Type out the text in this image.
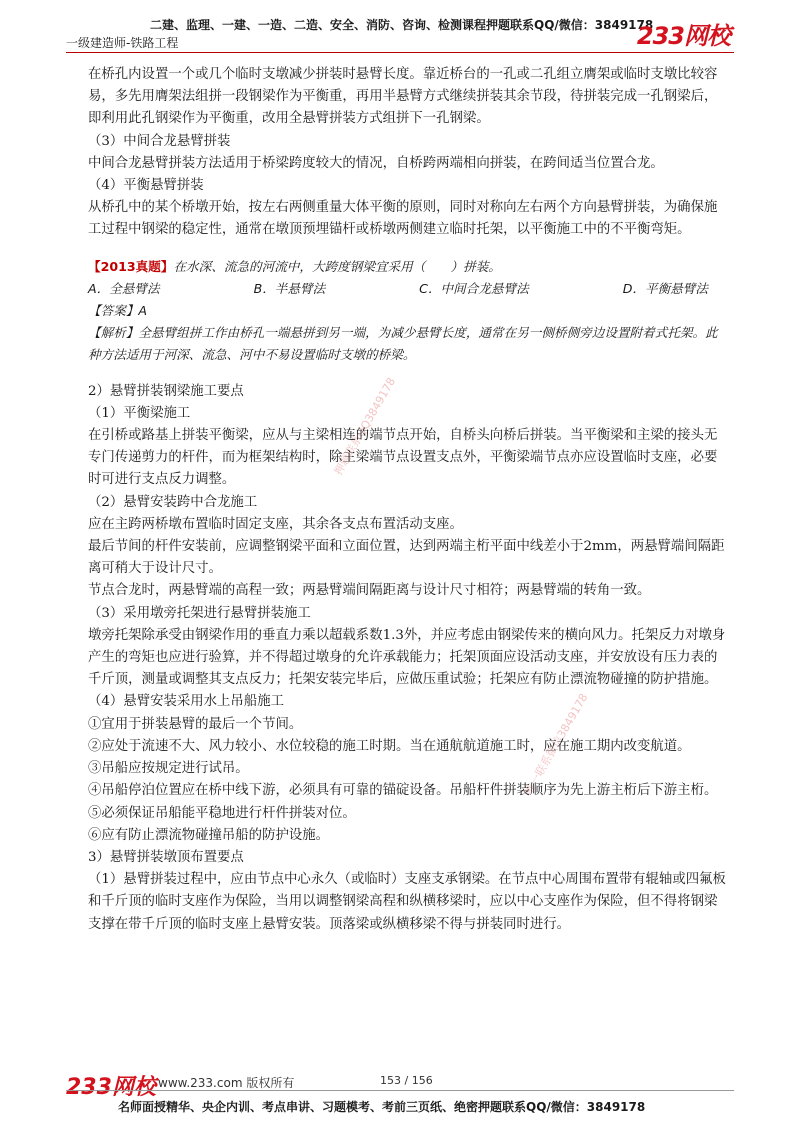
二建、监理、一建、一造、二造、安全、消防、咨询、检测课程押题联系QQ/微信：3849178
一级建造师-铁路工程	233网校
押题联系QQ3849178
唯一联系微信3849178

在桥孔内设置一个或几个临时支墩减少拼装时悬臂长度。靠近桥台的一孔或二孔组立膺架或临时支墩比较容易，多先用膺架法组拼一段钢梁作为平衡重，再用半悬臂方式继续拼装其余节段，待拼装完成一孔钢梁后，即利用此孔钢梁作为平衡重，改用全悬臂拼装方式组拼下一孔钢梁。

（3）中间合龙悬臂拼装

中间合龙悬臂拼装方法适用于桥梁跨度较大的情况，自桥跨两端相向拼装，在跨间适当位置合龙。

（4）平衡悬臂拼装

从桥孔中的某个桥墩开始，按左右两侧重量大体平衡的原则，同时对称向左右两个方向悬臂拼装，为确保施工过程中钢梁的稳定性，通常在墩顶预埋锚杆或桥墩两侧建立临时托架，以平衡施工中的不平衡弯矩。

【2013真题】在水深、流急的河流中，大跨度钢梁宜采用（　　）拼装。

A．全悬臂法	B．半悬臂法	C．中间合龙悬臂法	D．平衡悬臂法

【答案】A

【解析】全悬臂组拼工作由桥孔一端悬拼到另一端，为减少悬臂长度，通常在另一侧桥侧旁边设置附着式托架。此种方法适用于河深、流急、河中不易设置临时支墩的桥梁。

2）悬臂拼装钢梁施工要点

（1）平衡梁施工

在引桥或路基上拼装平衡梁，应从与主梁相连的端节点开始，自桥头向桥后拼装。当平衡梁和主梁的接头无专门传递剪力的杆件，而为框架结构时，除主梁端节点设置支点外，平衡梁端节点亦应设置临时支座，必要时可进行支点反力调整。

（2）悬臂安装跨中合龙施工

应在主跨两桥墩布置临时固定支座，其余各支点布置活动支座。

最后节间的杆件安装前，应调整钢梁平面和立面位置，达到两端主桁平面中线差小于2mm，两悬臂端间隔距离可稍大于设计尺寸。

节点合龙时，两悬臂端的高程一致；两悬臂端间隔距离与设计尺寸相符；两悬臂端的转角一致。

（3）采用墩旁托架进行悬臂拼装施工

墩旁托架除承受由钢梁作用的垂直力乘以超载系数1.3外，并应考虑由钢梁传来的横向风力。托架反力对墩身产生的弯矩也应进行验算，并不得超过墩身的允许承载能力；托架顶面应设活动支座，并安放设有压力表的千斤顶，测量或调整其支点反力；托架安装完毕后，应做压重试验；托架应有防止漂流物碰撞的防护措施。

（4）悬臂安装采用水上吊船施工

①宜用于拼装悬臂的最后一个节间。

②应处于流速不大、风力较小、水位较稳的施工时期。当在通航航道施工时，应在施工期内改变航道。

③吊船应按规定进行试吊。

④吊船停泊位置应在桥中线下游，必须具有可靠的锚碇设备。吊船杆件拼装顺序为先上游主桁后下游主桁。

⑤必须保证吊船能平稳地进行杆件拼装对位。

⑥应有防止漂流物碰撞吊船的防护设施。

3）悬臂拼装墩顶布置要点

（1）悬臂拼装过程中，应由节点中心永久（或临时）支座支承钢梁。在节点中心周围布置带有辊轴或四氟板和千斤顶的临时支座作为保险，当用以调整钢梁高程和纵横移梁时，应以中心支座作为保险，但不得将钢梁支撑在带千斤顶的临时支座上悬臂安装。顶落梁或纵横移梁不得与拼装同时进行。

233网校 www.233.com 版权所有	153 / 156
名师面授精华、央企内训、考点串讲、习题模考、考前三页纸、绝密押题联系QQ/微信：3849178
